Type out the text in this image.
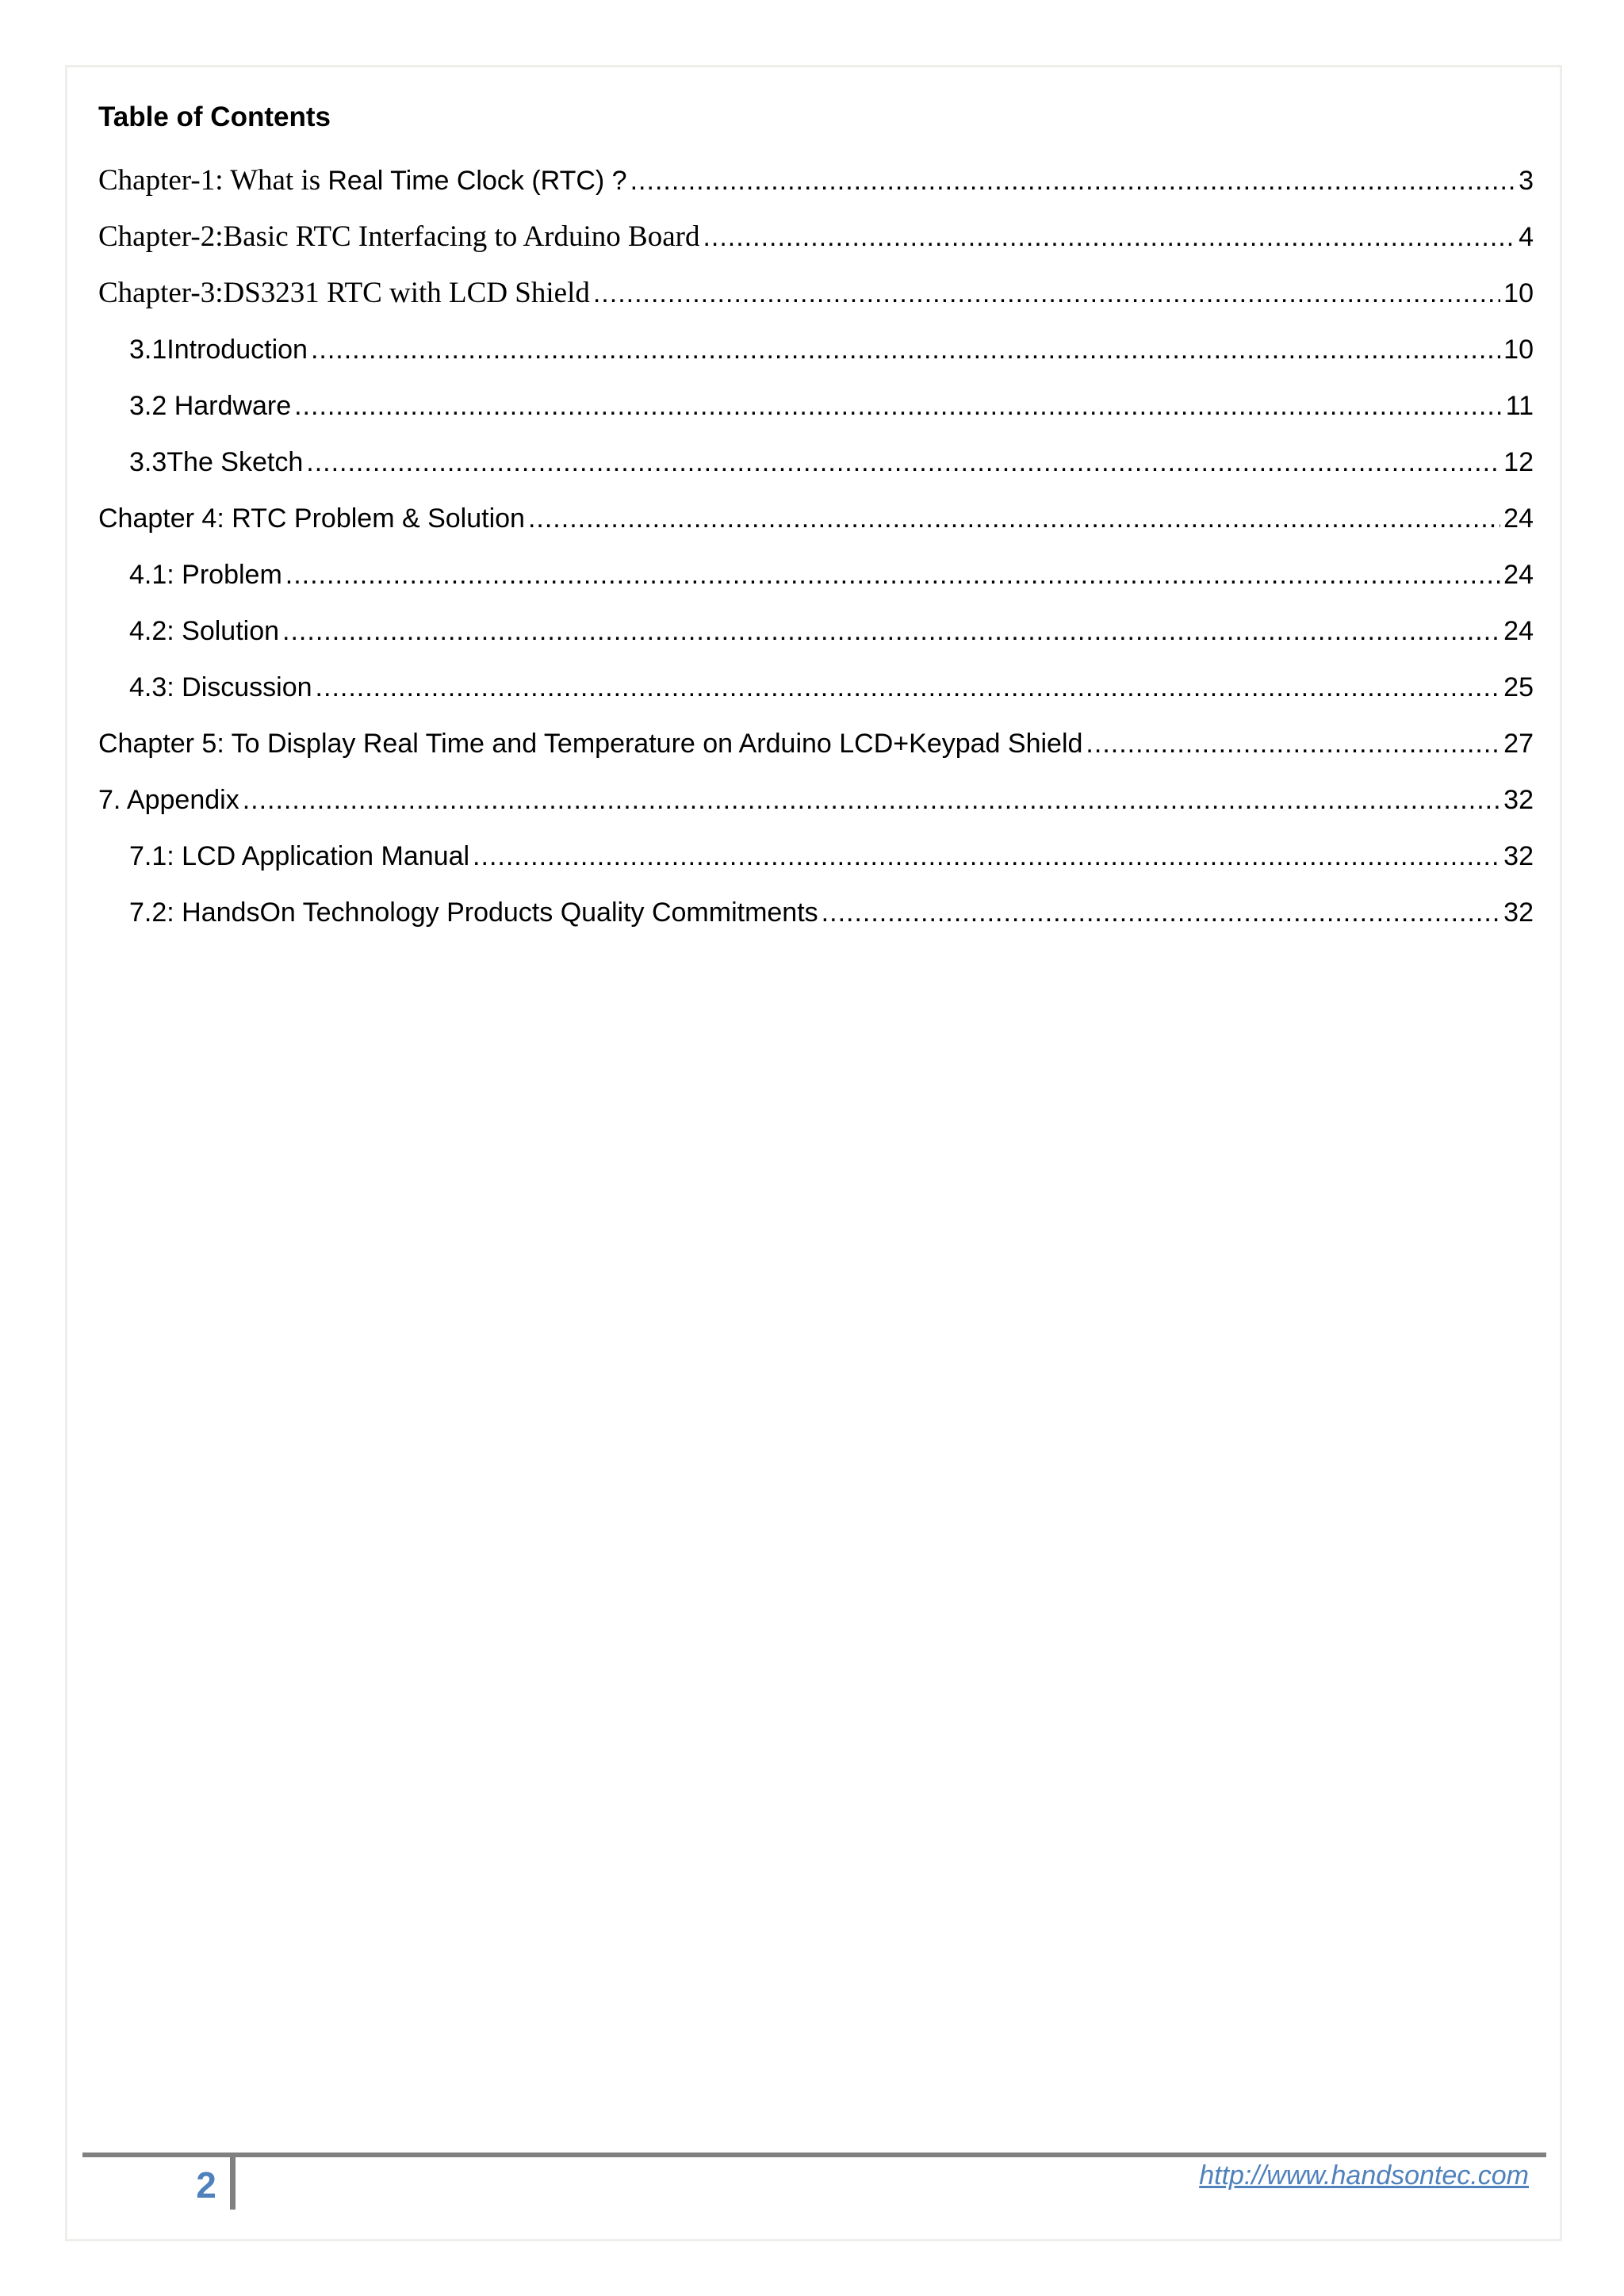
Table of Contents
Chapter-1: What is Real Time Clock (RTC) ? .....	3
Chapter-2:Basic RTC Interfacing to Arduino Board .....	4
Chapter-3:DS3231 RTC with LCD Shield .....	10
3.1Introduction .....	10
3.2 Hardware .....	11
3.3The Sketch .....	12
Chapter 4: RTC Problem & Solution .....	24
4.1: Problem .....	24
4.2: Solution .....	24
4.3: Discussion .....	25
Chapter 5: To Display Real Time and Temperature on Arduino LCD+Keypad Shield .....	27
7. Appendix .....	32
7.1: LCD Application Manual .....	32
7.2: HandsOn Technology Products Quality Commitments .....	32
2	http://www.handsontec.com
